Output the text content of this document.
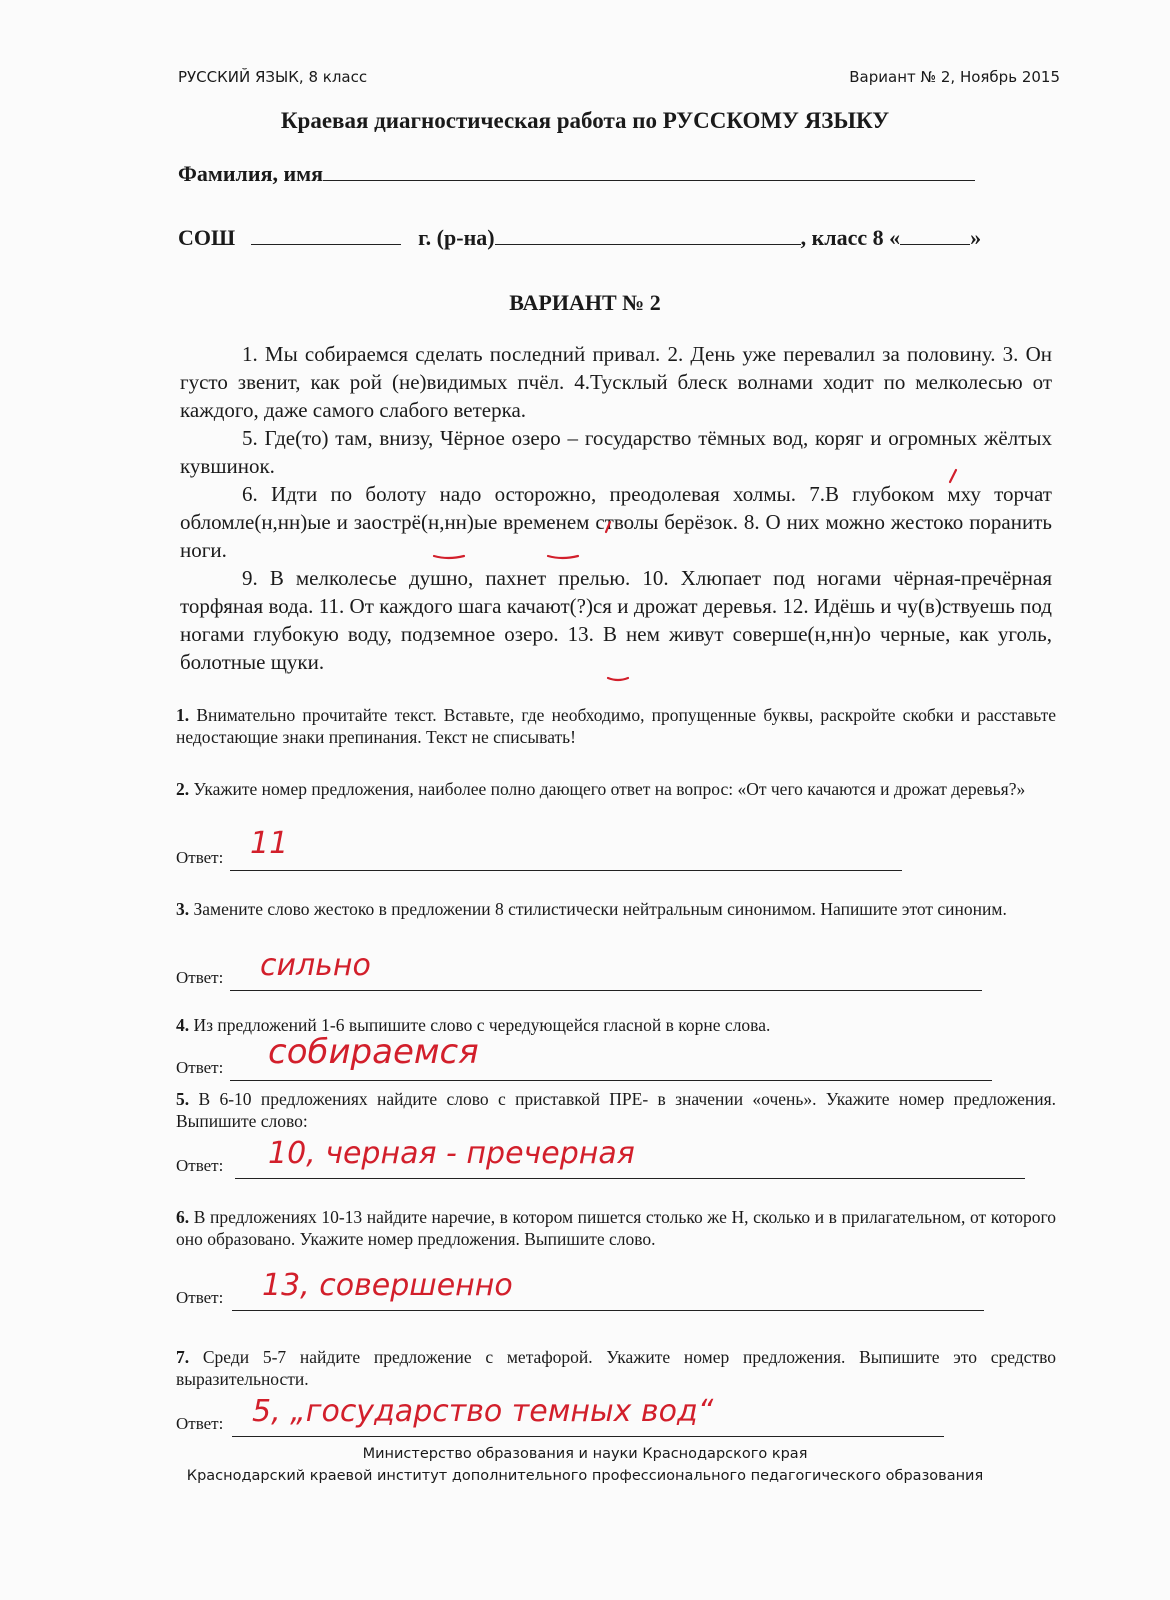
РУССКИЙ ЯЗЫК, 8 класс	Вариант № 2, Ноябрь 2015
Краевая диагностическая работа по РУССКОМУ ЯЗЫКУ
Фамилия, имя
СОШ	г. (р-на)	, класс 8 «	»
ВАРИАНТ № 2

1. Мы собираемся сделать последний привал. 2. День уже перевалил за половину. 3. Он густо звенит, как рой (не)видимых пчёл. 4.Тусклый блеск волнами ходит по мелколесью от каждого, даже самого слабого ветерка.

5. Где(то) там, внизу, Чёрное озеро – государство тёмных вод, коряг и огромных жёлтых кувшинок.

6. Идти по болоту надо осторожно, преодолевая холмы. 7.В глубоком мху торчат обломле(н,нн)ые и заострё(н,нн)ые временем стволы берёзок. 8. О них можно жестоко поранить ноги.

9. В мелколесье душно, пахнет прелью. 10. Хлюпает под ногами чёрная-пречёрная торфяная вода. 11. От каждого шага качают(?)ся и дрожат деревья. 12. Идёшь и чу(в)ствуешь под ногами глубокую воду, подземное озеро. 13. В нем живут соверше(н,нн)о черные, как уголь, болотные щуки.

1. Внимательно прочитайте текст. Вставьте, где необходимо, пропущенные буквы, раскройте скобки и расставьте недостающие знаки препинания. Текст не списывать!
2. Укажите номер предложения, наиболее полно дающего ответ на вопрос: «От чего качаются и дрожат деревья?»
Ответ: 11
3. Замените слово жестоко в предложении 8 стилистически нейтральным синонимом. Напишите этот синоним.
Ответ: сильно
4. Из предложений 1-6 выпишите слово с чередующейся гласной в корне слова.
Ответ: собираемся
5. В 6-10 предложениях найдите слово с приставкой ПРЕ- в значении «очень». Укажите номер предложения. Выпишите слово:
Ответ: 10, черная - пречерная
6. В предложениях 10-13 найдите наречие, в котором пишется столько же Н, сколько и в прилагательном, от которого оно образовано. Укажите номер предложения. Выпишите слово.
Ответ: 13, совершенно
7. Среди 5-7 найдите предложение с метафорой. Укажите номер предложения. Выпишите это средство выразительности.
Ответ: 5, „государство темных вод“
Министерство образования и науки Краснодарского края
Краснодарский краевой институт дополнительного профессионального педагогического образования
